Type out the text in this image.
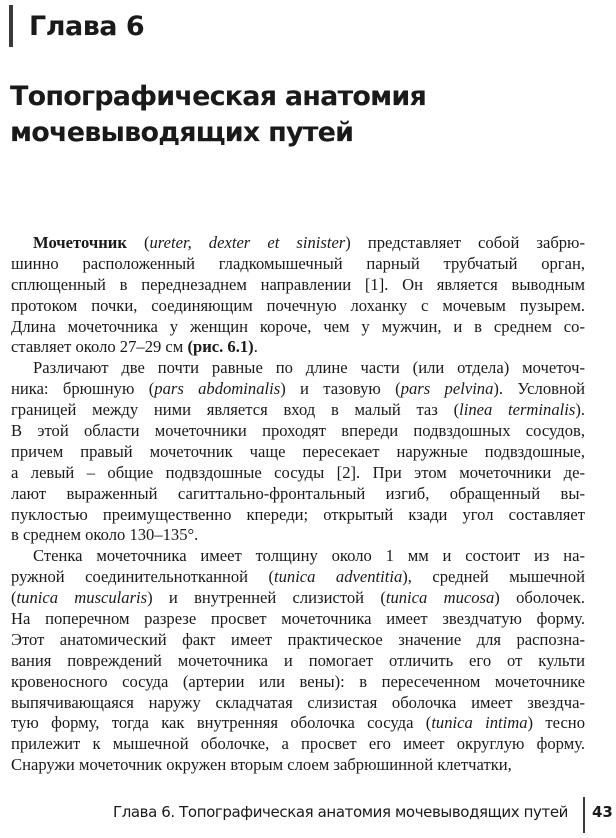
Глава 6
Топографическая анатомия
мочевыводящих путей
Мочеточник (ureter, dexter et sinister) представляет собой забрю-
шинно расположенный гладкомышечный парный трубчатый орган,
сплющенный в переднезаднем направлении [1]. Он является выводным
протоком почки, соединяющим почечную лоханку с мочевым пузырем.
Длина мочеточника у женщин короче, чем у мужчин, и в среднем со-
ставляет около 27–29 см (рис. 6.1).
Различают две почти равные по длине части (или отдела) мочеточ-
ника: брюшную (pars abdominalis) и тазовую (pars pelvina). Условной
границей между ними является вход в малый таз (linea terminalis).
В этой области мочеточники проходят впереди подвздошных сосудов,
причем правый мочеточник чаще пересекает наружные подвздошные,
а левый – общие подвздошные сосуды [2]. При этом мочеточники де-
лают выраженный сагиттально-фронтальный изгиб, обращенный вы-
пуклостью преимущественно кпереди; открытый кзади угол составляет
в среднем около 130–135°.
Стенка мочеточника имеет толщину около 1 мм и состоит из на-
ружной соединительнотканной (tunica adventitia), средней мышечной
(tunica muscularis) и внутренней слизистой (tunica mucosa) оболочек.
На поперечном разрезе просвет мочеточника имеет звездчатую форму.
Этот анатомический факт имеет практическое значение для распозна-
вания повреждений мочеточника и помогает отличить его от культи
кровеносного сосуда (артерии или вены): в пересеченном мочеточнике
выпячивающаяся наружу складчатая слизистая оболочка имеет звездча-
тую форму, тогда как внутренняя оболочка сосуда (tunica intima) тесно
прилежит к мышечной оболочке, а просвет его имеет округлую форму.
Снаружи мочеточник окружен вторым слоем забрюшинной клетчатки,
Глава 6. Топографическая анатомия мочевыводящих путей 43
